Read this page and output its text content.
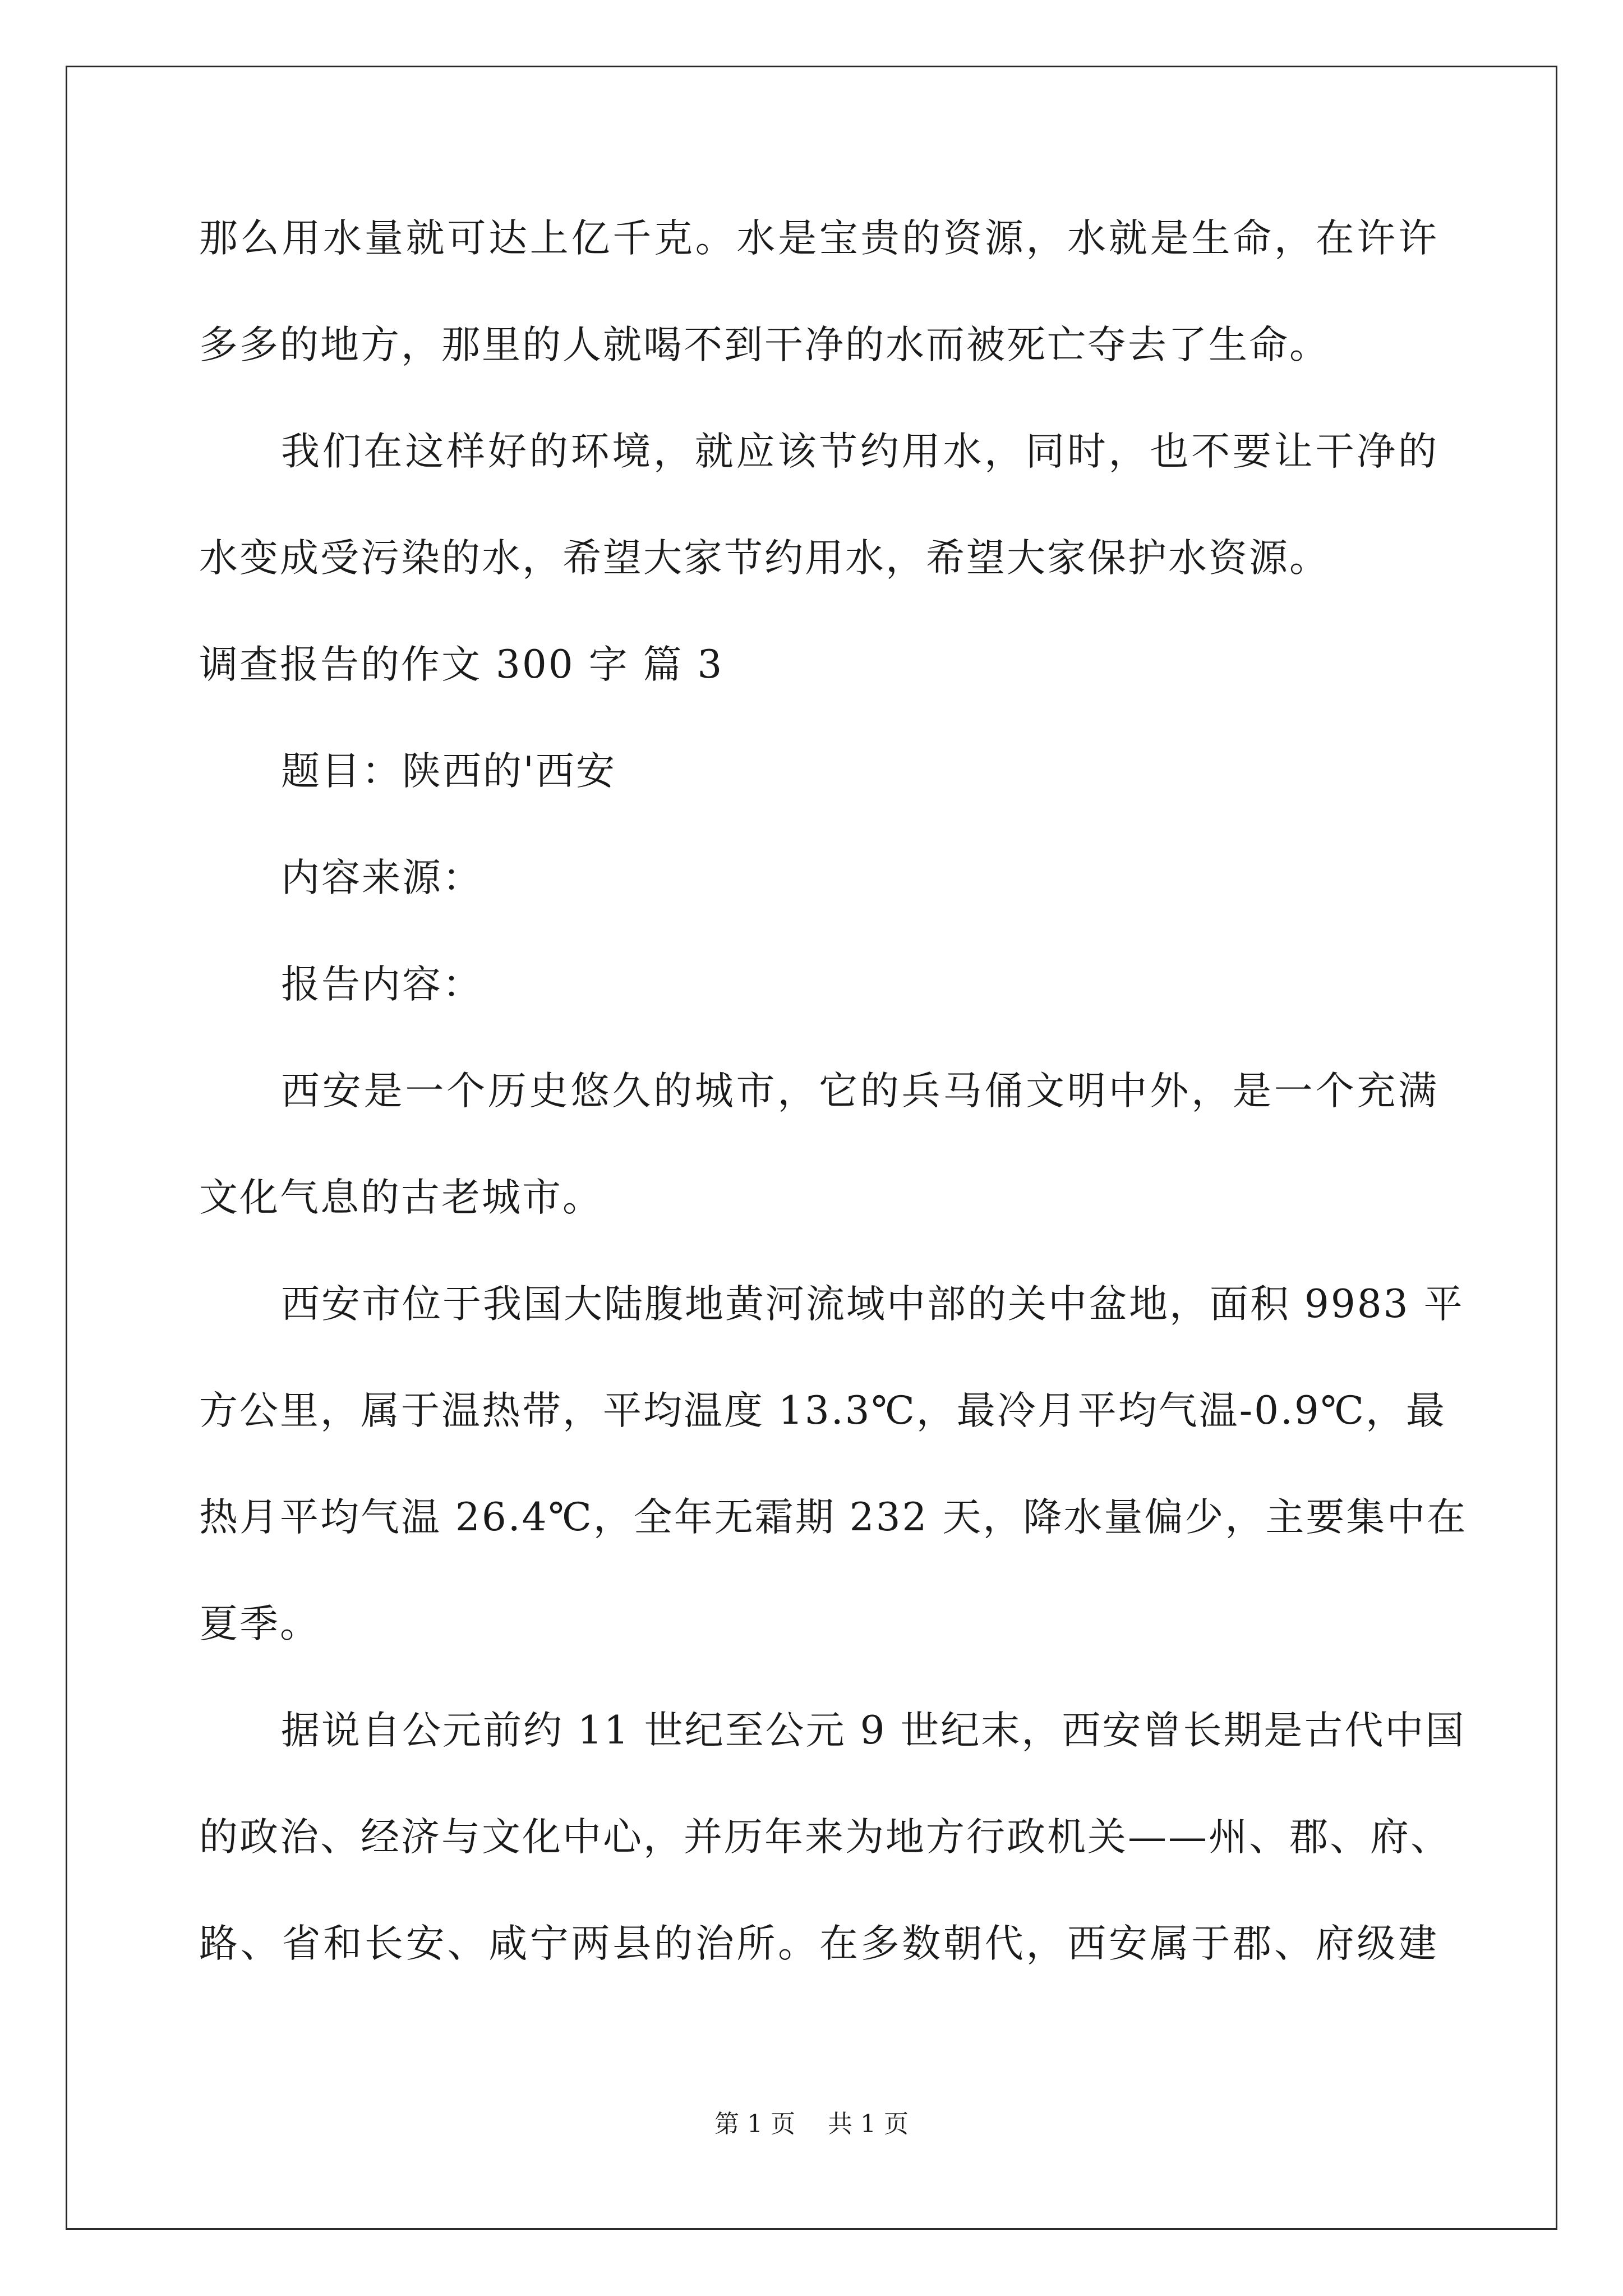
那么用水量就可达上亿千克。水是宝贵的资源，水就是生命，在许许
多多的地方，那里的人就喝不到干净的水而被死亡夺去了生命。
我们在这样好的环境，就应该节约用水，同时，也不要让干净的
水变成受污染的水，希望大家节约用水，希望大家保护水资源。
调查报告的作文 300 字 篇 3
题目：陕西的'西安
内容来源：
报告内容：
西安是一个历史悠久的城市，它的兵马俑文明中外，是一个充满
文化气息的古老城市。
西安市位于我国大陆腹地黄河流域中部的关中盆地，面积 9983 平
方公里，属于温热带，平均温度 13.3℃，最冷月平均气温-0.9℃，最
热月平均气温 26.4℃，全年无霜期 232 天，降水量偏少，主要集中在
夏季。
据说自公元前约 11 世纪至公元 9 世纪末，西安曾长期是古代中国
的政治、经济与文化中心，并历年来为地方行政机关——州、郡、府、
路、省和长安、咸宁两县的治所。在多数朝代，西安属于郡、府级建
第 1 页 共 1 页
